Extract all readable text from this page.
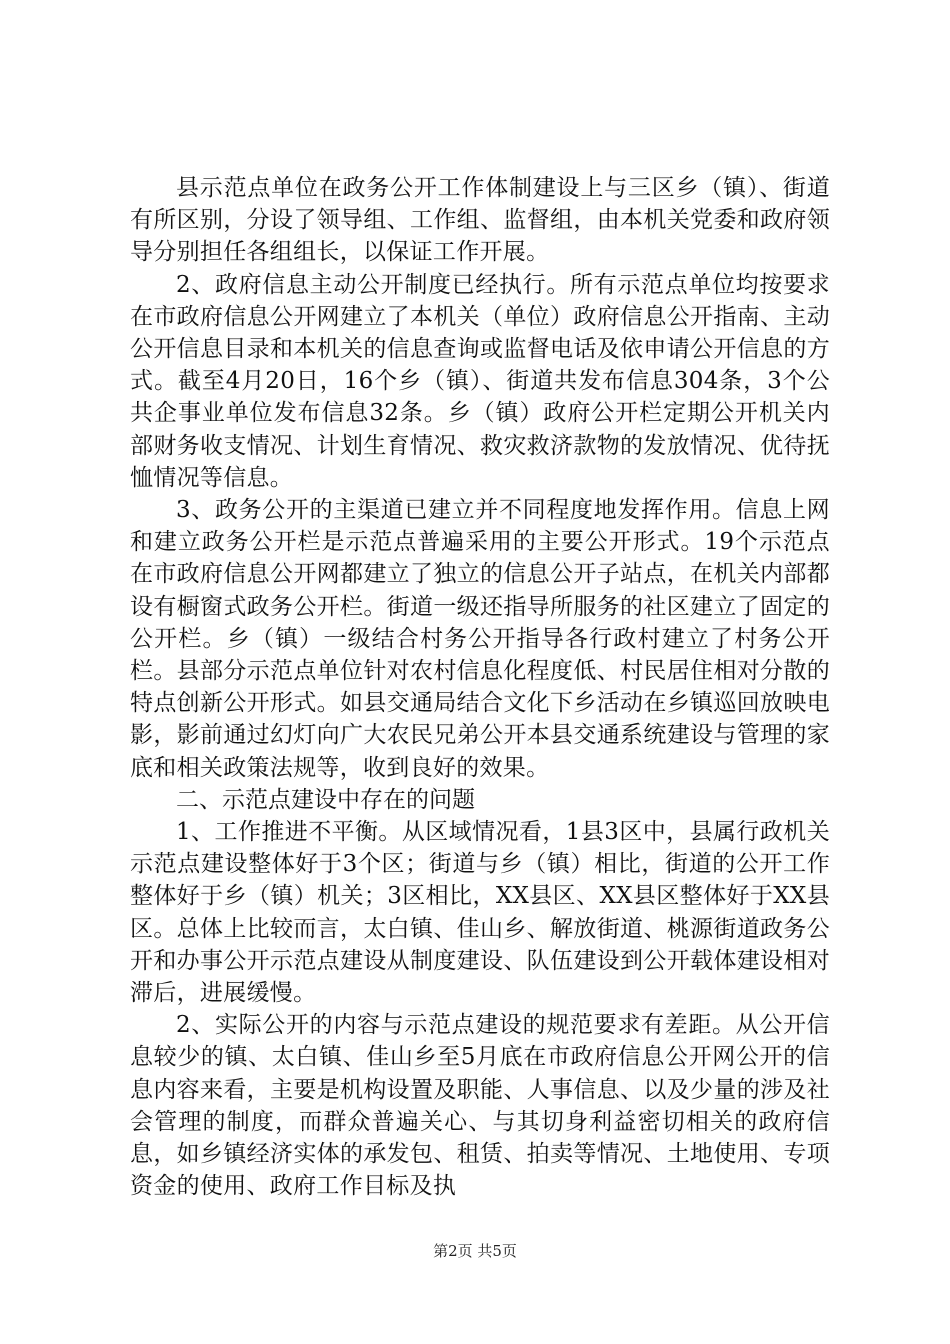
县示范点单位在政务公开工作体制建设上与三区乡（镇）、街道有所区别，分设了领导组、工作组、监督组，由本机关党委和政府领导分别担任各组组长，以保证工作开展。

2、政府信息主动公开制度已经执行。所有示范点单位均按要求在市政府信息公开网建立了本机关（单位）政府信息公开指南、主动公开信息目录和本机关的信息查询或监督电话及依申请公开信息的方式。截至4月20日，16个乡（镇）、街道共发布信息304条，3个公共企事业单位发布信息32条。乡（镇）政府公开栏定期公开机关内部财务收支情况、计划生育情况、救灾救济款物的发放情况、优待抚恤情况等信息。

3、政务公开的主渠道已建立并不同程度地发挥作用。信息上网和建立政务公开栏是示范点普遍采用的主要公开形式。19个示范点在市政府信息公开网都建立了独立的信息公开子站点，在机关内部都设有橱窗式政务公开栏。街道一级还指导所服务的社区建立了固定的公开栏。乡（镇）一级结合村务公开指导各行政村建立了村务公开栏。县部分示范点单位针对农村信息化程度低、村民居住相对分散的特点创新公开形式。如县交通局结合文化下乡活动在乡镇巡回放映电影，影前通过幻灯向广大农民兄弟公开本县交通系统建设与管理的家底和相关政策法规等，收到良好的效果。

二、示范点建设中存在的问题

1、工作推进不平衡。从区域情况看，1县3区中，县属行政机关示范点建设整体好于3个区；街道与乡（镇）相比，街道的公开工作整体好于乡（镇）机关；3区相比，XX县区、XX县区整体好于XX县区。总体上比较而言，太白镇、佳山乡、解放街道、桃源街道政务公开和办事公开示范点建设从制度建设、队伍建设到公开载体建设相对滞后，进展缓慢。

2、实际公开的内容与示范点建设的规范要求有差距。从公开信息较少的镇、太白镇、佳山乡至5月底在市政府信息公开网公开的信息内容来看，主要是机构设置及职能、人事信息、以及少量的涉及社会管理的制度，而群众普遍关心、与其切身利益密切相关的政府信息，如乡镇经济实体的承发包、租赁、拍卖等情况、土地使用、专项资金的使用、政府工作目标及执

第2页 共5页
